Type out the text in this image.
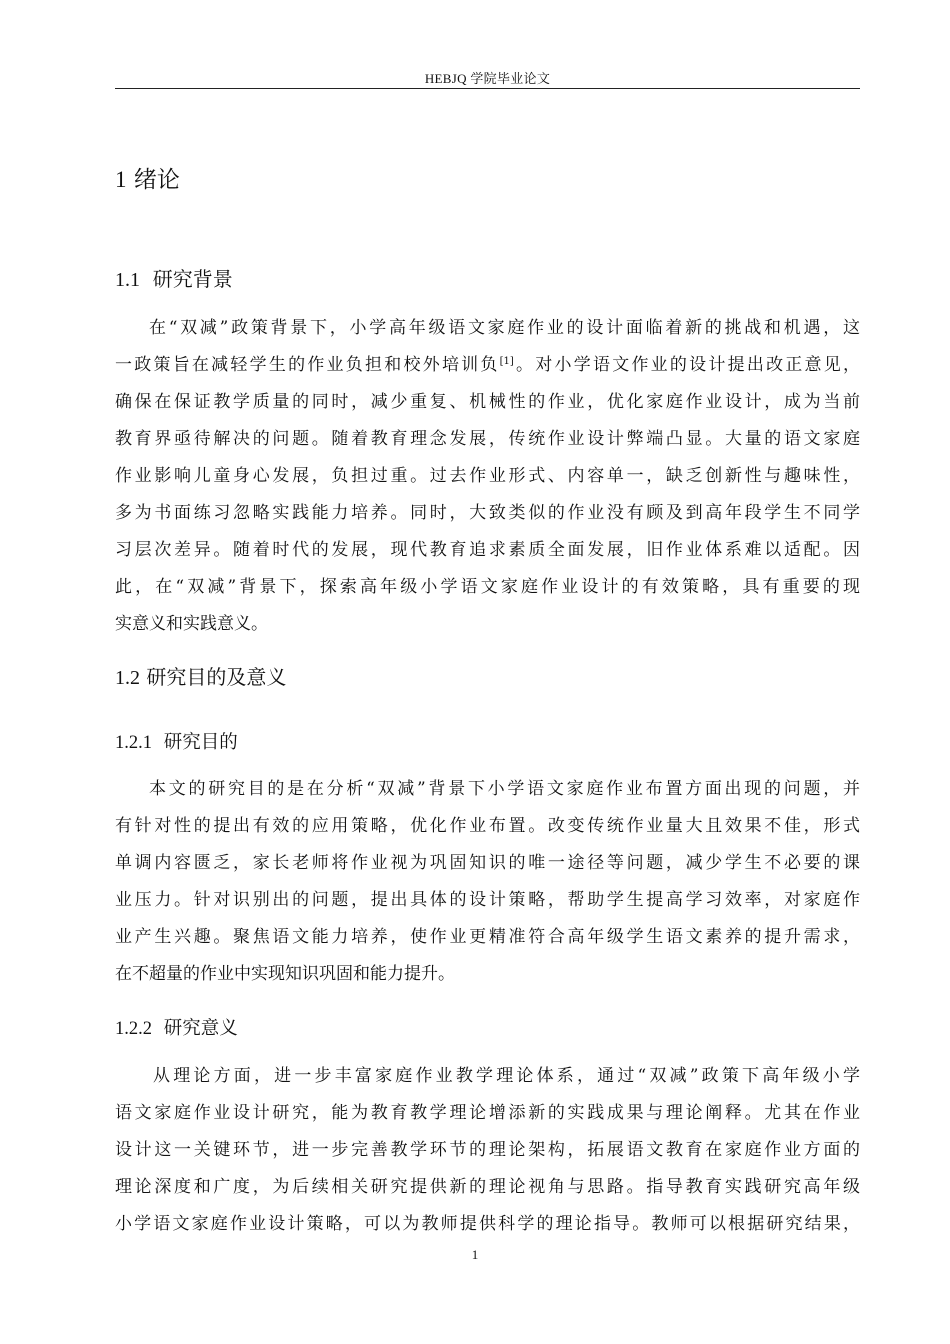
HEBJQ 学院毕业论文
1 绪论
1.1 研究背景
在“双减”政策背景下，小学高年级语文家庭作业的设计面临着新的挑战和机遇，这
一政策旨在减轻学生的作业负担和校外培训负[1]。对小学语文作业的设计提出改正意见，
确保在保证教学质量的同时，减少重复、机械性的作业，优化家庭作业设计，成为当前
教育界亟待解决的问题。随着教育理念发展，传统作业设计弊端凸显。大量的语文家庭
作业影响儿童身心发展，负担过重。过去作业形式、内容单一，缺乏创新性与趣味性，
多为书面练习忽略实践能力培养。同时，大致类似的作业没有顾及到高年段学生不同学
习层次差异。随着时代的发展，现代教育追求素质全面发展，旧作业体系难以适配。因
此，在“双减”背景下，探索高年级小学语文家庭作业设计的有效策略，具有重要的现
实意义和实践意义。
1.2 研究目的及意义
1.2.1 研究目的
本文的研究目的是在分析“双减”背景下小学语文家庭作业布置方面出现的问题，并
有针对性的提出有效的应用策略，优化作业布置。改变传统作业量大且效果不佳，形式
单调内容匮乏，家长老师将作业视为巩固知识的唯一途径等问题，减少学生不必要的课
业压力。针对识别出的问题，提出具体的设计策略，帮助学生提高学习效率，对家庭作
业产生兴趣。聚焦语文能力培养，使作业更精准符合高年级学生语文素养的提升需求，
在不超量的作业中实现知识巩固和能力提升。
1.2.2 研究意义
从理论方面，进一步丰富家庭作业教学理论体系，通过“双减”政策下高年级小学
语文家庭作业设计研究，能为教育教学理论增添新的实践成果与理论阐释。尤其在作业
设计这一关键环节，进一步完善教学环节的理论架构，拓展语文教育在家庭作业方面的
理论深度和广度，为后续相关研究提供新的理论视角与思路。指导教育实践研究高年级
小学语文家庭作业设计策略，可以为教师提供科学的理论指导。教师可以根据研究结果，
1
